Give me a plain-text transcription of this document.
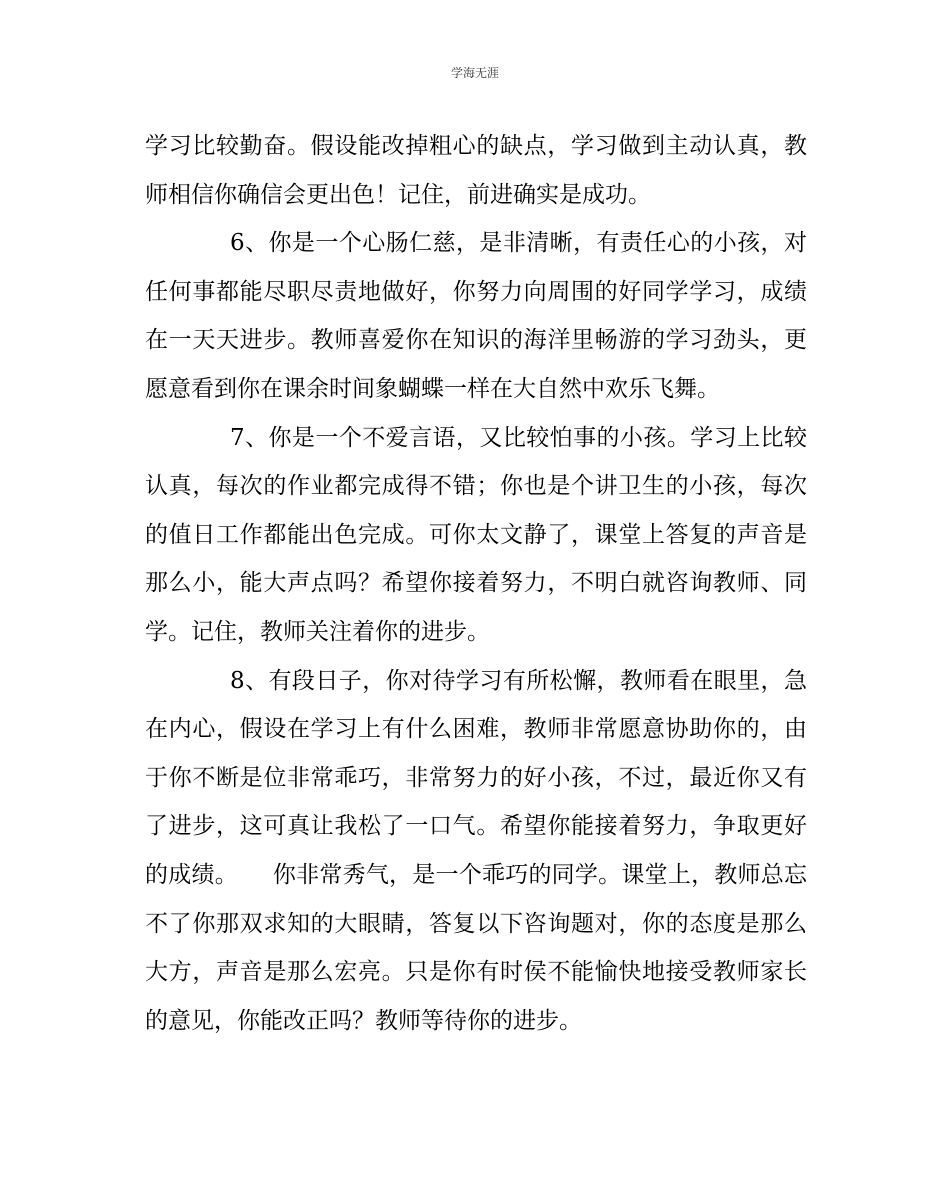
学海无涯

学习比较勤奋。假设能改掉粗心的缺点，学习做到主动认真，教师相信你确信会更出色！记住，前进确实是成功。

6、你是一个心肠仁慈，是非清晰，有责任心的小孩，对任何事都能尽职尽责地做好，你努力向周围的好同学学习，成绩在一天天进步。教师喜爱你在知识的海洋里畅游的学习劲头，更愿意看到你在课余时间象蝴蝶一样在大自然中欢乐飞舞。

7、你是一个不爱言语，又比较怕事的小孩。学习上比较认真，每次的作业都完成得不错；你也是个讲卫生的小孩，每次的值日工作都能出色完成。可你太文静了，课堂上答复的声音是那么小，能大声点吗？希望你接着努力，不明白就咨询教师、同学。记住，教师关注着你的进步。

8、有段日子，你对待学习有所松懈，教师看在眼里，急在内心，假设在学习上有什么困难，教师非常愿意协助你的，由于你不断是位非常乖巧，非常努力的好小孩，不过，最近你又有了进步，这可真让我松了一口气。希望你能接着努力，争取更好的成绩。　　你非常秀气，是一个乖巧的同学。课堂上，教师总忘不了你那双求知的大眼睛，答复以下咨询题对，你的态度是那么大方，声音是那么宏亮。只是你有时侯不能愉快地接受教师家长的意见，你能改正吗？教师等待你的进步。
